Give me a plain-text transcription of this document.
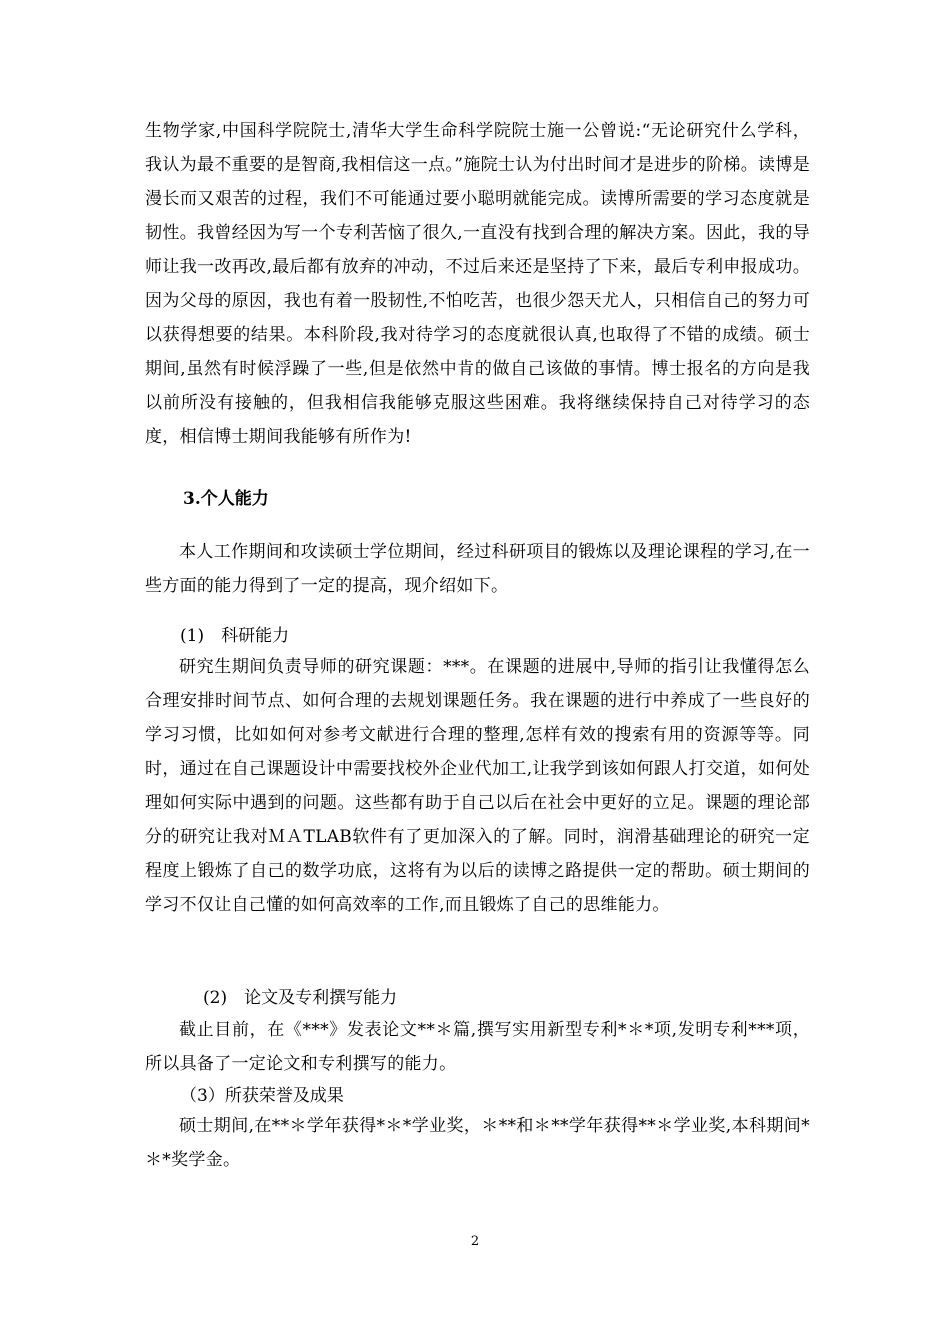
生物学家,中国科学院院士,清华大学生命科学院院士施一公曾说:“无论研究什么学科，我认为最不重要的是智商,我相信这一点。”施院士认为付出时间才是进步的阶梯。读博是漫长而又艰苦的过程，我们不可能通过要小聪明就能完成。读博所需要的学习态度就是韧性。我曾经因为写一个专利苦恼了很久,一直没有找到合理的解决方案。因此，我的导师让我一改再改,最后都有放弃的冲动，不过后来还是坚持了下来，最后专利申报成功。因为父母的原因，我也有着一股韧性,不怕吃苦，也很少怨天尤人，只相信自己的努力可以获得想要的结果。本科阶段,我对待学习的态度就很认真,也取得了不错的成绩。硕士期间,虽然有时候浮躁了一些,但是依然中肯的做自己该做的事情。博士报名的方向是我以前所没有接触的，但我相信我能够克服这些困难。我将继续保持自己对待学习的态度，相信博士期间我能够有所作为!
3.个人能力
本人工作期间和攻读硕士学位期间，经过科研项目的锻炼以及理论课程的学习,在一些方面的能力得到了一定的提高，现介绍如下。
(1)　科研能力
研究生期间负责导师的研究课题：***。在课题的进展中,导师的指引让我懂得怎么合理安排时间节点、如何合理的去规划课题任务。我在课题的进行中养成了一些良好的学习习惯，比如如何对参考文献进行合理的整理,怎样有效的搜索有用的资源等等。同时，通过在自己课题设计中需要找校外企业代加工,让我学到该如何跟人打交道，如何处理如何实际中遇到的问题。这些都有助于自己以后在社会中更好的立足。课题的理论部分的研究让我对ＭＡTLAB软件有了更加深入的了解。同时，润滑基础理论的研究一定程度上锻炼了自己的数学功底，这将有为以后的读博之路提供一定的帮助。硕士期间的学习不仅让自己懂的如何高效率的工作,而且锻炼了自己的思维能力。
(2)　论文及专利撰写能力
截止目前，在《***》发表论文**＊篇,撰写实用新型专利*＊*项,发明专利***项，所以具备了一定论文和专利撰写的能力。
（3）所获荣誉及成果
硕士期间,在**＊学年获得*＊*学业奖，＊**和＊**学年获得**＊学业奖,本科期间*＊*奖学金。
2
